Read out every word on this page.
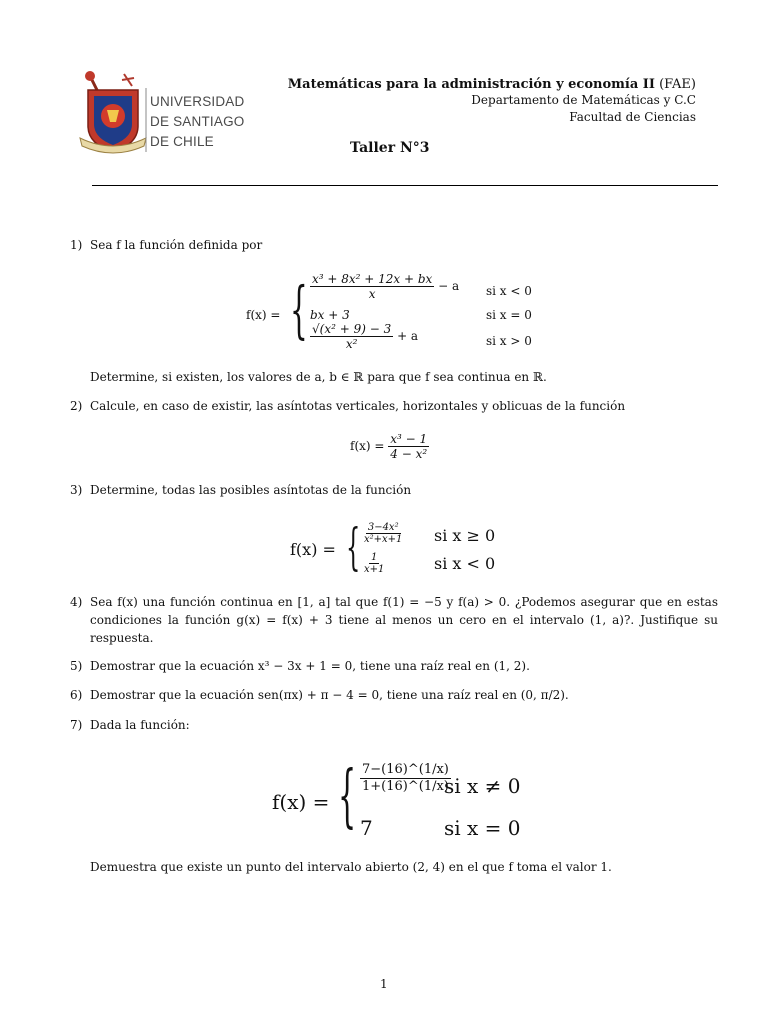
UNIVERSIDAD
DE SANTIAGO
DE CHILE
Matemáticas para la administración y economía II (FAE)
Departamento de Matemáticas y C.C
Facultad de Ciencias
Taller N°3
1) Sea f la función definida por
f(x) = { $\frac{\text{x³ + 8x² + 12x + bx}}{x} - a$ si x < 0
bx + 3	si x = 0
$\frac{\text{√(x² + 9) − 3}}{\text{x²}} + a$	si x > 0
Determine, si existen, los valores de a, b ∈ ℝ para que f sea continua en ℝ.
2) Calcule, en caso de existir, las asíntotas verticales, horizontales y oblicuas de la función
$f(x) = \frac{\text{x³ − 1}}{\text{4 − x²}}$
3) Determine, todas las posibles asíntotas de la función
f(x) = { $\frac{\text{3−4x²}}{\text{x²+x+1}}$ si x ≥ 0
$\frac{1}{x+1}$	si x < 0
4) Sea f(x) una función continua en [1, a] tal que f(1) = −5 y f(a) > 0. ¿Podemos asegurar que en estas condiciones la función g(x) = f(x) + 3 tiene al menos un cero en el intervalo (1, a)?. Justifique su respuesta.
5) Demostrar que la ecuación x³ − 3x + 1 = 0, tiene una raíz real en (1, 2).
6) Demostrar que la ecuación sen(πx) + π − 4 = 0, tiene una raíz real en (0, π/2).
7) Dada la función:
f(x) = { $\frac{7-(16)\^{}(1/x)}{1+(16)\^{}(1/x)}$
si x ≠ 0
7	si x = 0
Demuestra que existe un punto del intervalo abierto (2, 4) en el que f toma el valor 1.
1
